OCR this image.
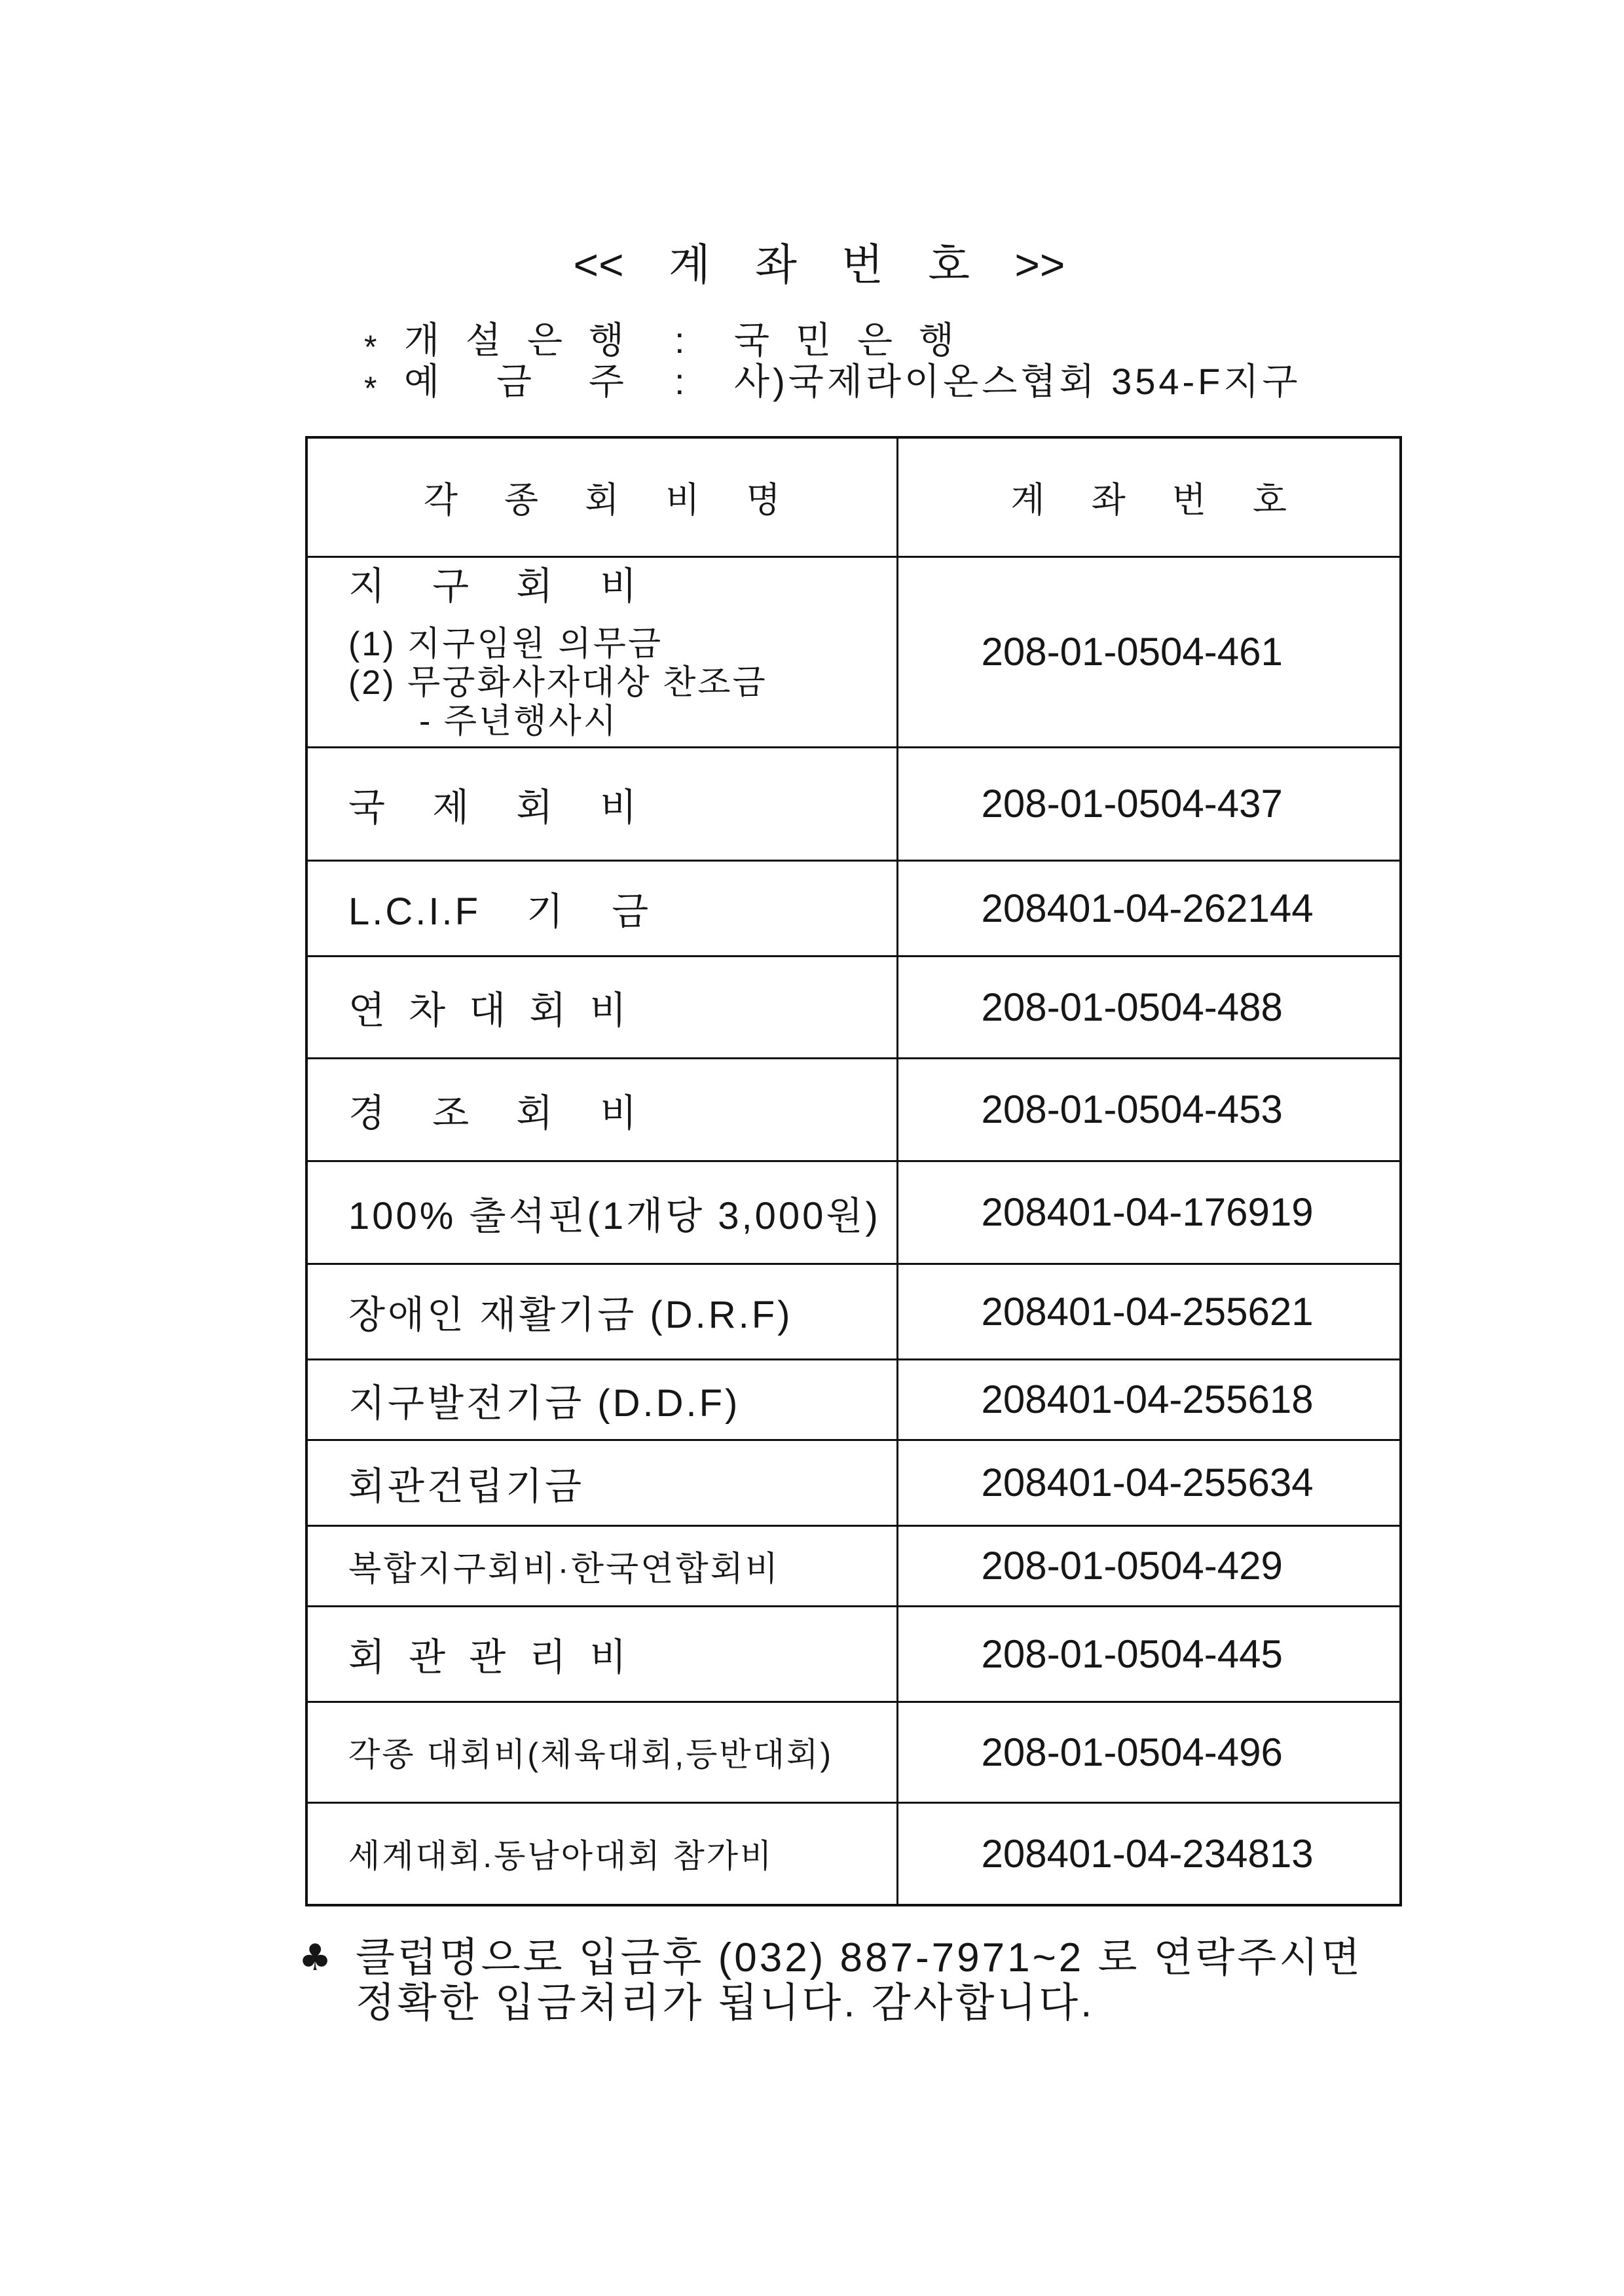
<< 계 좌 번 호 >>
* 개 설 은 행 : 국 민 은 행
* 예 금 주 : 사)국제라이온스협회 354-F지구
각 종 회 비 명	계 좌 번 호

지 구 회 비
(1) 지구임원 의무금
(2) 무궁화사자대상 찬조금
- 주년행사시	208-01-0504-461
국 제 회 비	208-01-0504-437
L.C.I.F 기 금	208401-04-262144
연 차 대 회 비	208-01-0504-488
경 조 회 비	208-01-0504-453
100% 출석핀(1개당 3,000원)	208401-04-176919
장애인 재활기금 (D.R.F)	208401-04-255621
지구발전기금 (D.D.F)	208401-04-255618
회관건립기금	208401-04-255634
복합지구회비·한국연합회비	208-01-0504-429
회 관 관 리 비	208-01-0504-445
각종 대회비(체육대회,등반대회)	208-01-0504-496
세계대회.동남아대회 참가비	208401-04-234813
♣
클럽명으로 입금후 (032) 887-7971~2 로 연락주시면
정확한 입금처리가 됩니다. 감사합니다.
